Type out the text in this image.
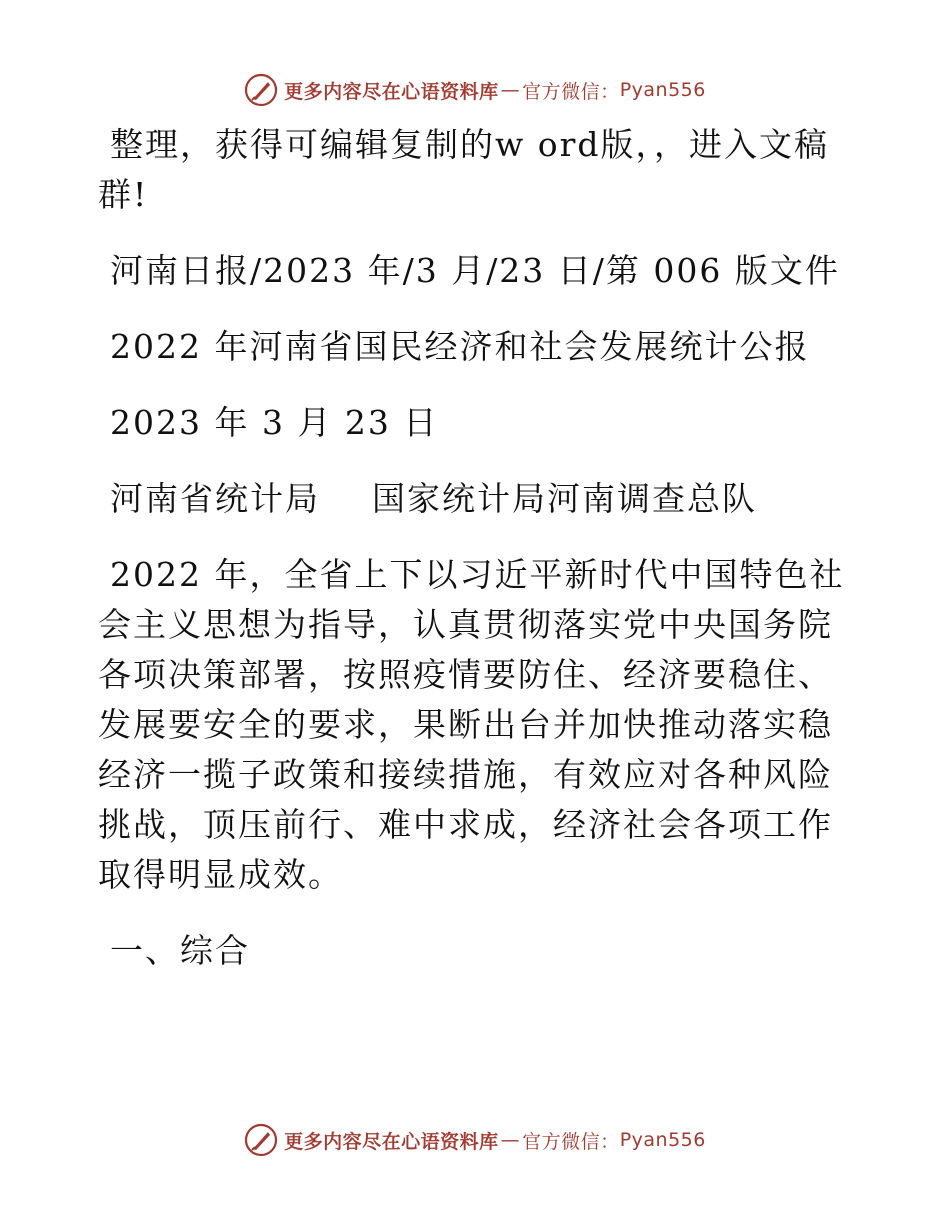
更多内容尽在心语资料库 — 官方微信： Pyan556

整理，获得可编辑复制的w ord版，，进入文稿群!

河南日报/2023 年/3 月/23 日/第 006 版文件

2022 年河南省国民经济和社会发展统计公报

2023 年 3 月 23 日

河南省统计局 国家统计局河南调查总队

2022 年，全省上下以习近平新时代中国特色社会主义思想为指导，认真贯彻落实党中央国务院各项决策部署，按照疫情要防住、经济要稳住、发展要安全的要求，果断出台并加快推动落实稳经济一揽子政策和接续措施，有效应对各种风险挑战，顶压前行、难中求成，经济社会各项工作取得明显成效。

一、综合

更多内容尽在心语资料库 — 官方微信： Pyan556
